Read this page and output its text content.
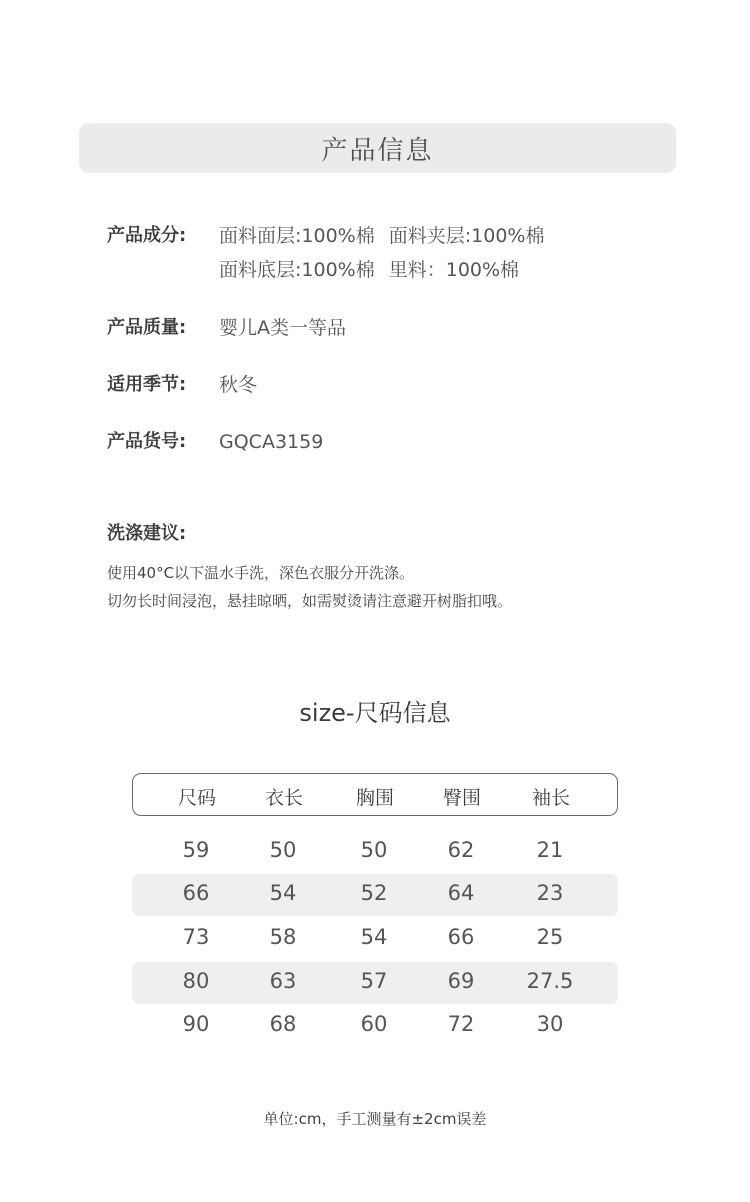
产品信息
产品成分:	面料面层:100%棉 面料夹层:100%棉
面料底层:100%棉 里料：100%棉
产品质量:	婴儿A类一等品
适用季节:	秋冬
产品货号:	GQCA3159
洗涤建议:
使用40°C以下温水手洗，深色衣服分开洗涤。
切勿长时间浸泡，悬挂晾晒，如需熨烫请注意避开树脂扣哦。
size-尺码信息
尺码	衣长	胸围	臀围	袖长
59	50	50	62	21
66	54	52	64	23
73	58	54	66	25
80	63	57	69	27.5
90	68	60	72	30
单位:cm，手工测量有±2cm误差
